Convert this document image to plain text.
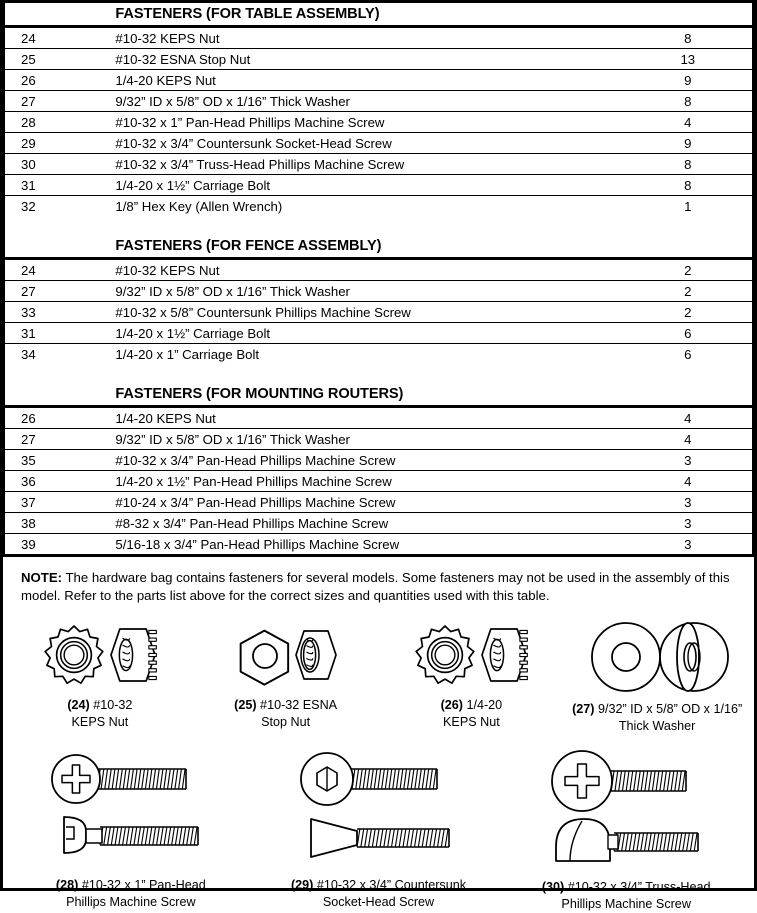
	FASTENERS (FOR TABLE ASSEMBLY)	
24	#10-32 KEPS Nut	8
25	#10-32 ESNA Stop Nut	13
26	1/4-20 KEPS Nut	9
27	9/32” ID x 5/8” OD x 1/16” Thick Washer	8
28	#10-32 x 1” Pan-Head Phillips Machine Screw	4
29	#10-32 x 3/4” Countersunk Socket-Head Screw	9
30	#10-32 x 3/4” Truss-Head Phillips Machine Screw	8
31	1/4-20 x 1½” Carriage Bolt	8
32	1/8” Hex Key (Allen Wrench)	1

	FASTENERS (FOR FENCE ASSEMBLY)	
24	#10-32 KEPS Nut	2
27	9/32” ID x 5/8” OD x 1/16” Thick Washer	2
33	#10-32 x 5/8” Countersunk Phillips Machine Screw	2
31	1/4-20 x 1½” Carriage Bolt	6
34	1/4-20 x 1” Carriage Bolt	6

	FASTENERS (FOR MOUNTING ROUTERS)	
26	1/4-20 KEPS Nut	4
27	9/32” ID x 5/8” OD x 1/16” Thick Washer	4
35	#10-32 x 3/4” Pan-Head Phillips Machine Screw	3
36	1/4-20 x 1½” Pan-Head Phillips Machine Screw	4
37	#10-24 x 3/4” Pan-Head Phillips Machine Screw	3
38	#8-32 x 3/4” Pan-Head Phillips Machine Screw	3
39	5/16-18 x 3/4” Pan-Head Phillips Machine Screw	3

NOTE: The hardware bag contains fasteners for several models. Some fasteners may not be used in the assembly of this model. Refer to the parts list above for the correct sizes and quantities used with this table.
(24) #10-32
KEPS Nut
(25) #10-32 ESNA
Stop Nut
(26) 1/4-20
KEPS Nut
(27) 9/32” ID x 5/8” OD x 1/16”
Thick Washer
(28) #10-32 x 1” Pan-Head
Phillips Machine Screw
(29) #10-32 x 3/4” Countersunk
Socket-Head Screw
(30) #10-32 x 3/4” Truss-Head
Phillips Machine Screw
